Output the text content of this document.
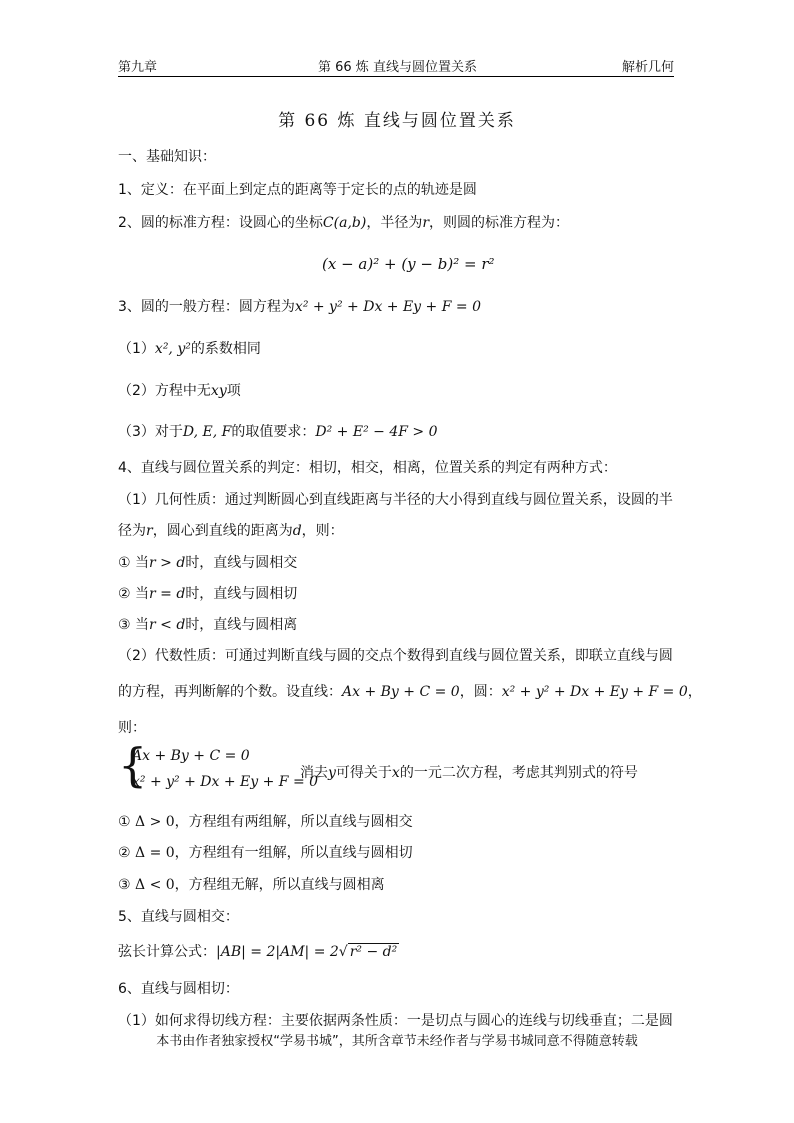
第九章	第 66 炼 直线与圆位置关系	解析几何
第 66 炼 直线与圆位置关系
一、基础知识：
1、定义：在平面上到定点的距离等于定长的点的轨迹是圆
2、圆的标准方程：设圆心的坐标C(a,b)，半径为r，则圆的标准方程为：
(x − a)² + (y − b)² = r²
3、圆的一般方程：圆方程为x² + y² + Dx + Ey + F = 0
（1）x², y²的系数相同
（2）方程中无xy项
（3）对于D, E, F的取值要求：D² + E² − 4F > 0
4、直线与圆位置关系的判定：相切，相交，相离，位置关系的判定有两种方式：
（1）几何性质：通过判断圆心到直线距离与半径的大小得到直线与圆位置关系，设圆的半
径为r，圆心到直线的距离为d，则：
① 当r > d时，直线与圆相交
② 当r = d时，直线与圆相切
③ 当r < d时，直线与圆相离
（2）代数性质：可通过判断直线与圆的交点个数得到直线与圆位置关系，即联立直线与圆
的方程，再判断解的个数。设直线：Ax + By + C = 0，圆：x² + y² + Dx + Ey + F = 0，
则：
{
Ax + By + C = 0
x² + y² + Dx + Ey + F = 0
消去y可得关于x的一元二次方程，考虑其判别式的符号
① Δ > 0，方程组有两组解，所以直线与圆相交
② Δ = 0，方程组有一组解，所以直线与圆相切
③ Δ < 0，方程组无解，所以直线与圆相离
5、直线与圆相交：
弦长计算公式：|AB| = 2|AM| = 2√ r² − d²
6、直线与圆相切：
（1）如何求得切线方程：主要依据两条性质：一是切点与圆心的连线与切线垂直；二是圆
本书由作者独家授权“学易书城”，其所含章节未经作者与学易书城同意不得随意转载
